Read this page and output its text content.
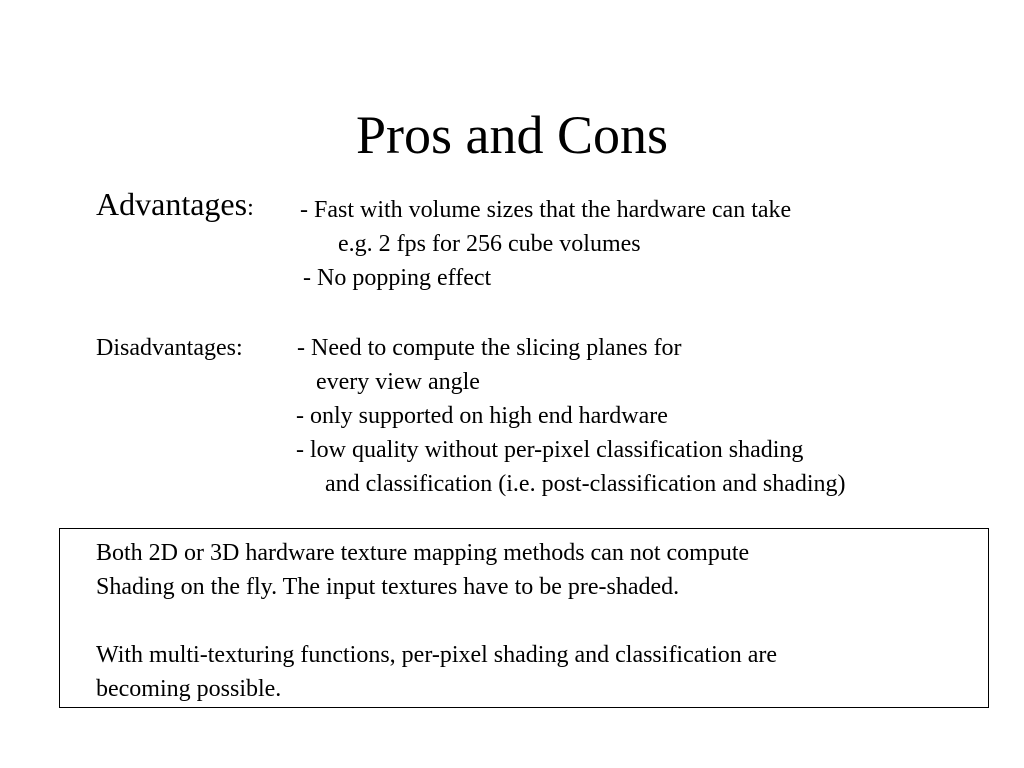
Pros and Cons
Advantages: - Fast with volume sizes that the hardware can take
e.g. 2 fps for 256 cube volumes
- No popping effect
Disadvantages: - Need to compute the slicing planes for
every view angle
- only supported on high end hardware
- low quality without per-pixel classification shading
and classification (i.e. post-classification and shading)
Both 2D or 3D hardware texture mapping methods can not compute
Shading on the fly. The input textures have to be pre-shaded.
With multi-texturing functions, per-pixel shading and classification are
becoming possible.
